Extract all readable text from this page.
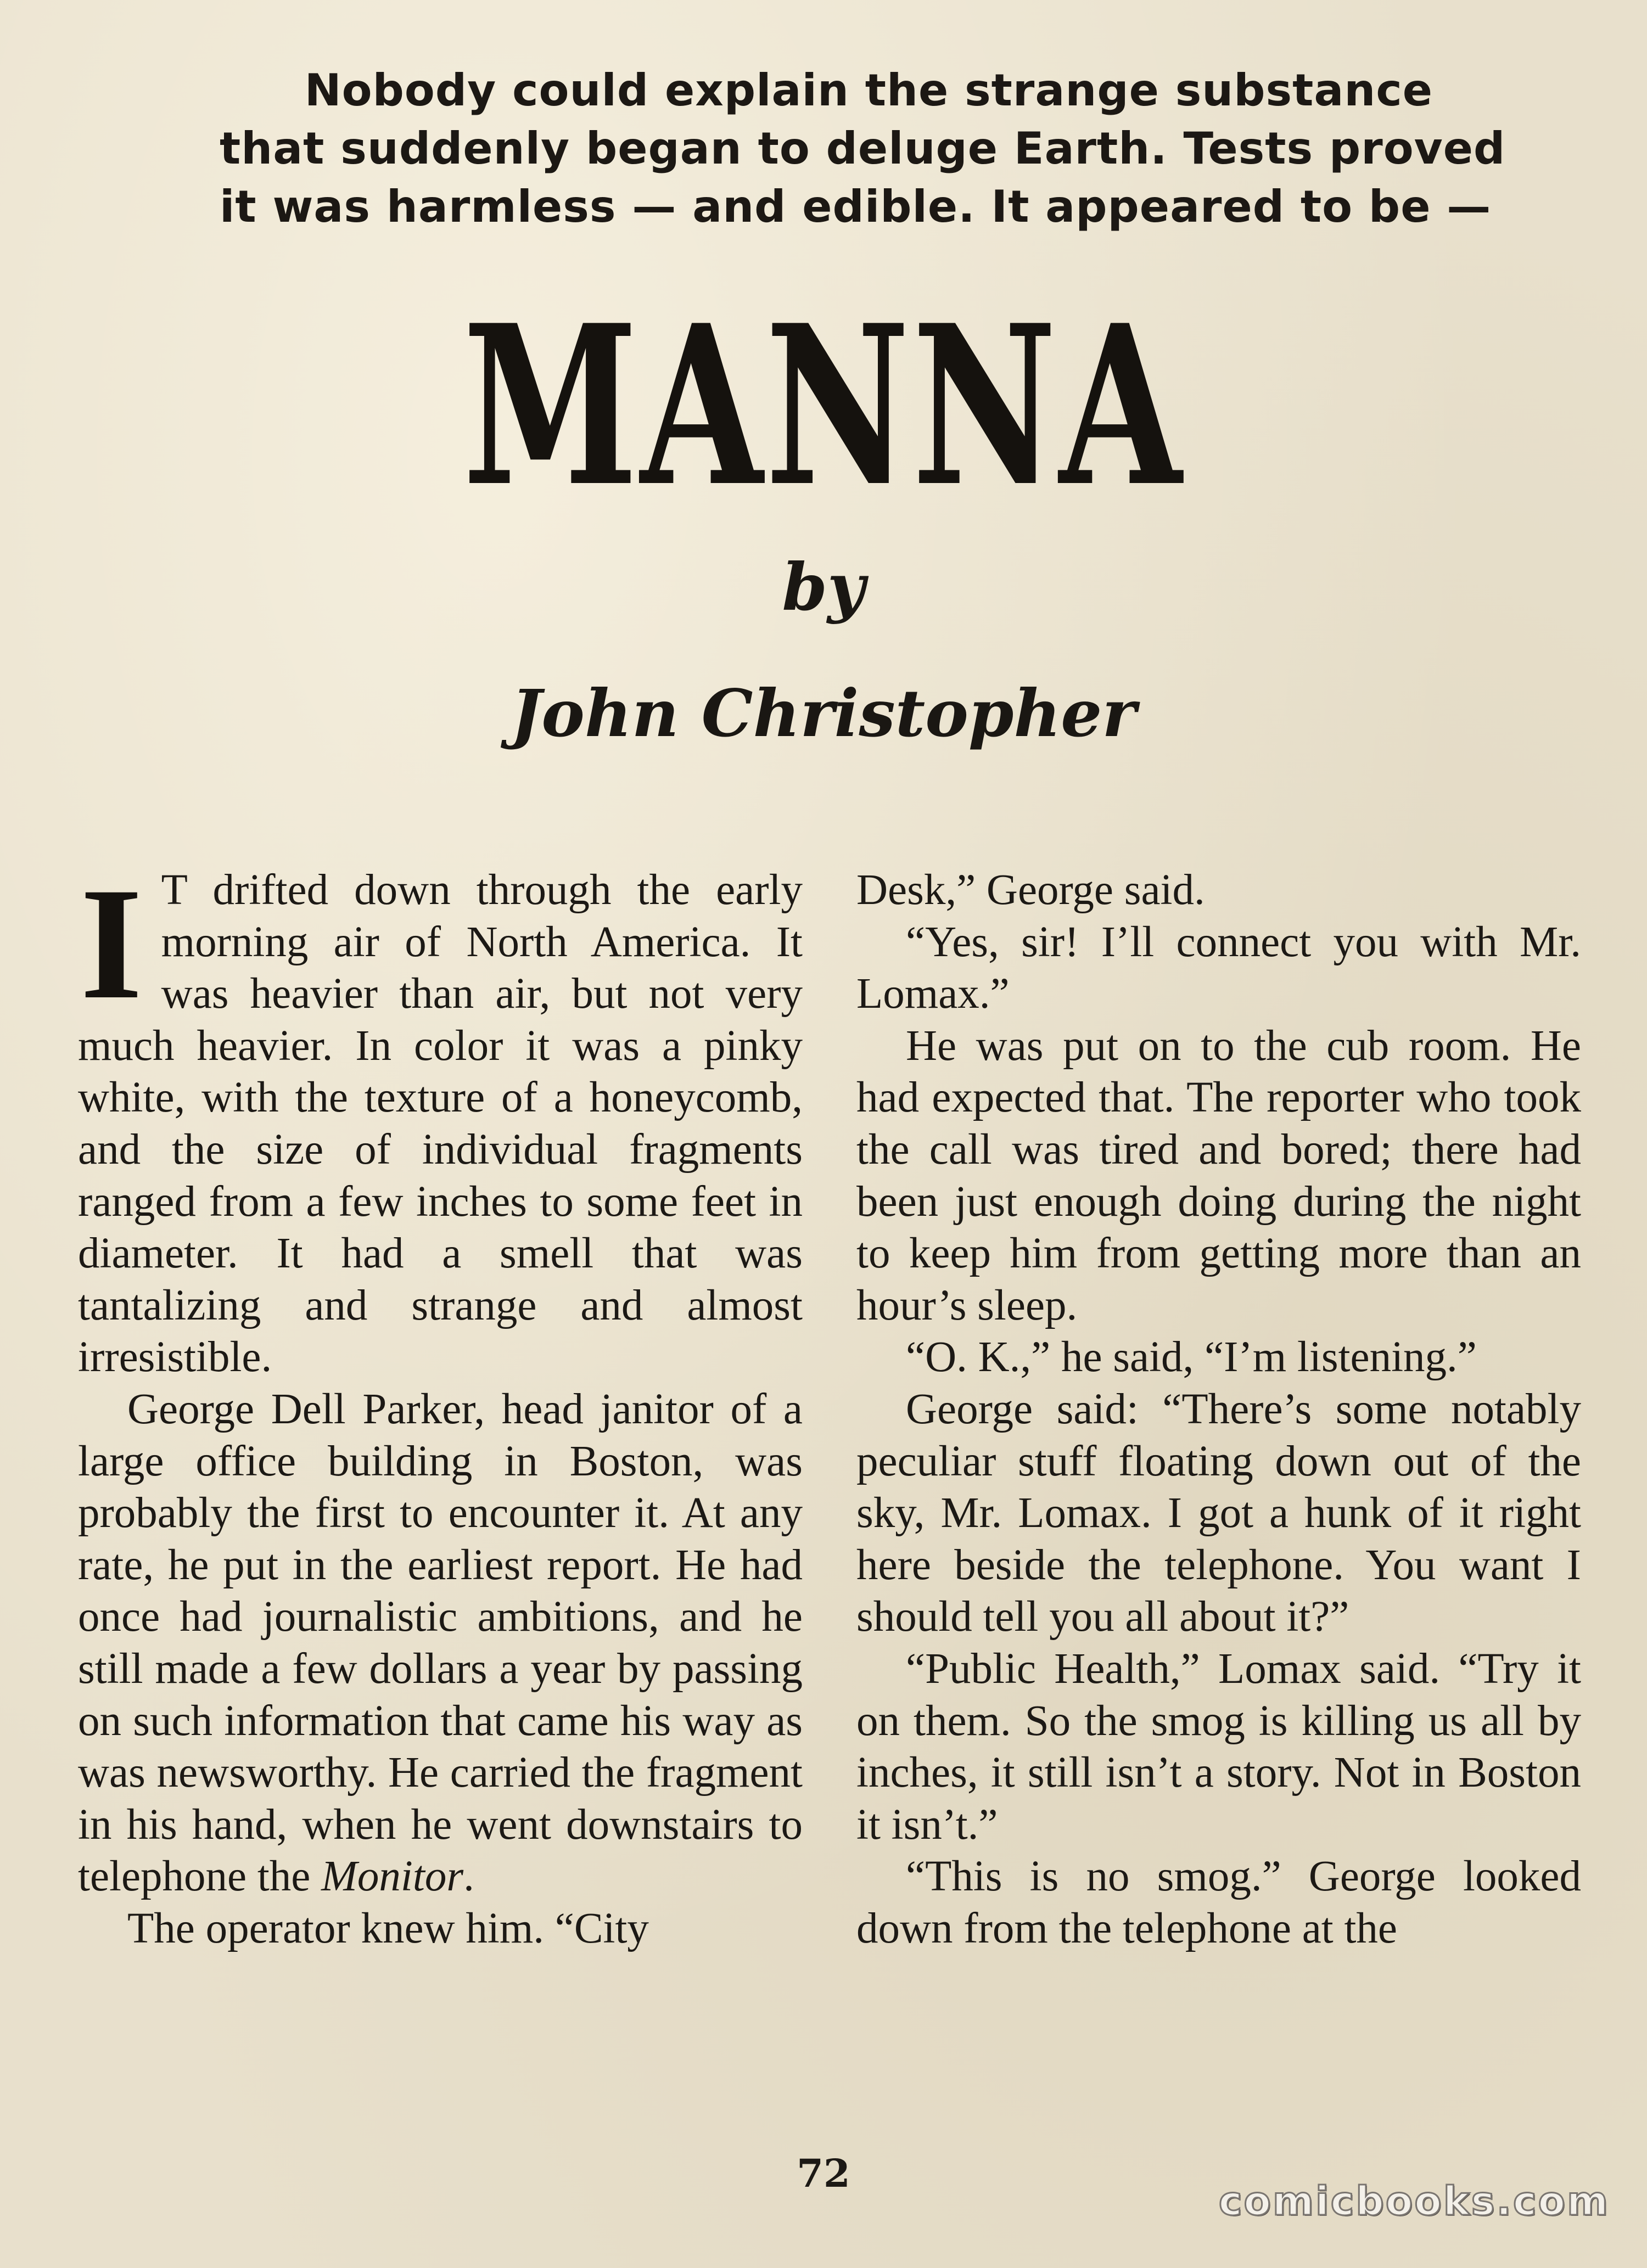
Nobody could explain the strange substance
that suddenly began to deluge Earth. Tests proved
it was harmless — and edible. It appeared to be —
MANNA
by
John Christopher

I T drifted down through the early morning air of North America. It was heavier than air, but not very much heavier. In color it was a pinky white, with the texture of a honeycomb, and the size of individual fragments ranged from a few inches to some feet in diameter. It had a smell that was tantalizing and strange and almost irresistible.

George Dell Parker, head janitor of a large office building in Boston, was probably the first to encounter it. At any rate, he put in the earliest report. He had once had journalistic ambitions, and he still made a few dollars a year by passing on such information that came his way as was newsworthy. He carried the fragment in his hand, when he went downstairs to telephone the Monitor.

The operator knew him. “City

Desk,” George said.

“Yes, sir! I’ll connect you with Mr. Lomax.”

He was put on to the cub room. He had expected that. The reporter who took the call was tired and bored; there had been just enough doing during the night to keep him from getting more than an hour’s sleep.

“O. K.,” he said, “I’m listening.”

George said: “There’s some notably peculiar stuff floating down out of the sky, Mr. Lomax. I got a hunk of it right here beside the telephone. You want I should tell you all about it?”

“Public Health,” Lomax said. “Try it on them. So the smog is killing us all by inches, it still isn’t a story. Not in Boston it isn’t.”

“This is no smog.” George looked down from the telephone at the

72
comicbooks.com
